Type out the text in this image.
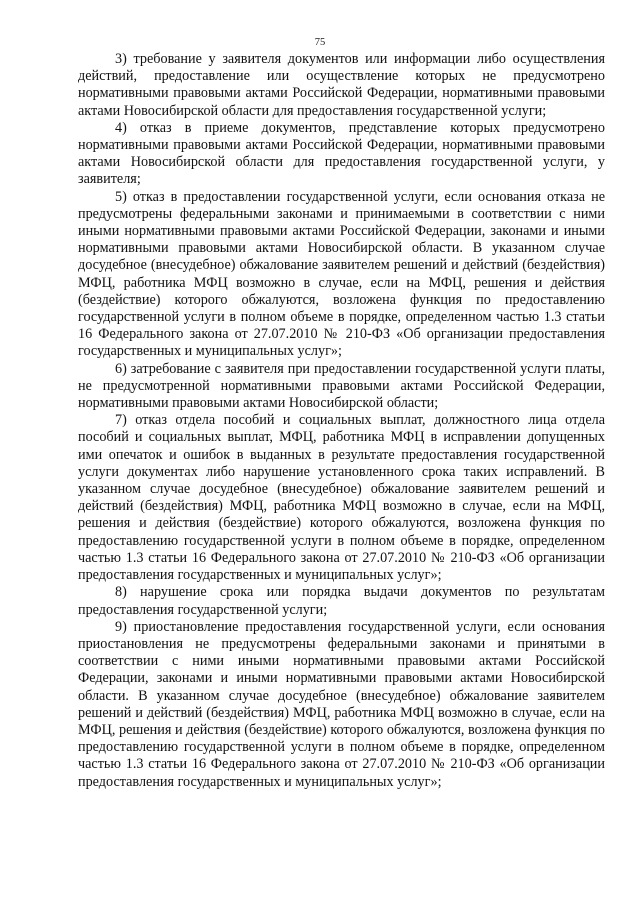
75

3) требование у заявителя документов или информации либо осуществления действий, предоставление или осуществление которых не предусмотрено нормативными правовыми актами Российской Федерации, нормативными правовыми актами Новосибирской области для предоставления государственной услуги;

4) отказ в приеме документов, представление которых предусмотрено нормативными правовыми актами Российской Федерации, нормативными правовыми актами Новосибирской области для предоставления государственной услуги, у заявителя;

5) отказ в предоставлении государственной услуги, если основания отказа не предусмотрены федеральными законами и принимаемыми в соответствии с ними иными нормативными правовыми актами Российской Федерации, законами и иными нормативными правовыми актами Новосибирской области. В указанном случае досудебное (внесудебное) обжалование заявителем решений и действий (бездействия) МФЦ, работника МФЦ возможно в случае, если на МФЦ, решения и действия (бездействие) которого обжалуются, возложена функция по предоставлению государственной услуги в полном объеме в порядке, определенном частью 1.3 статьи 16 Федерального закона от 27.07.2010 № 210-ФЗ «Об организации предоставления государственных и муниципальных услуг»;

6) затребование с заявителя при предоставлении государственной услуги платы, не предусмотренной нормативными правовыми актами Российской Федерации, нормативными правовыми актами Новосибирской области;

7) отказ отдела пособий и социальных выплат, должностного лица отдела пособий и социальных выплат, МФЦ, работника МФЦ в исправлении допущенных ими опечаток и ошибок в выданных в результате предоставления государственной услуги документах либо нарушение установленного срока таких исправлений. В указанном случае досудебное (внесудебное) обжалование заявителем решений и действий (бездействия) МФЦ, работника МФЦ возможно в случае, если на МФЦ, решения и действия (бездействие) которого обжалуются, возложена функция по предоставлению государственной услуги в полном объеме в порядке, определенном частью 1.3 статьи 16 Федерального закона от 27.07.2010 № 210-ФЗ «Об организации предоставления государственных и муниципальных услуг»;

8) нарушение срока или порядка выдачи документов по результатам предоставления государственной услуги;

9) приостановление предоставления государственной услуги, если основания приостановления не предусмотрены федеральными законами и принятыми в соответствии с ними иными нормативными правовыми актами Российской Федерации, законами и иными нормативными правовыми актами Новосибирской области. В указанном случае досудебное (внесудебное) обжалование заявителем решений и действий (бездействия) МФЦ, работника МФЦ возможно в случае, если на МФЦ, решения и действия (бездействие) которого обжалуются, возложена функция по предоставлению государственной услуги в полном объеме в порядке, определенном частью 1.3 статьи 16 Федерального закона от 27.07.2010 № 210-ФЗ «Об организации предоставления государственных и муниципальных услуг»;
